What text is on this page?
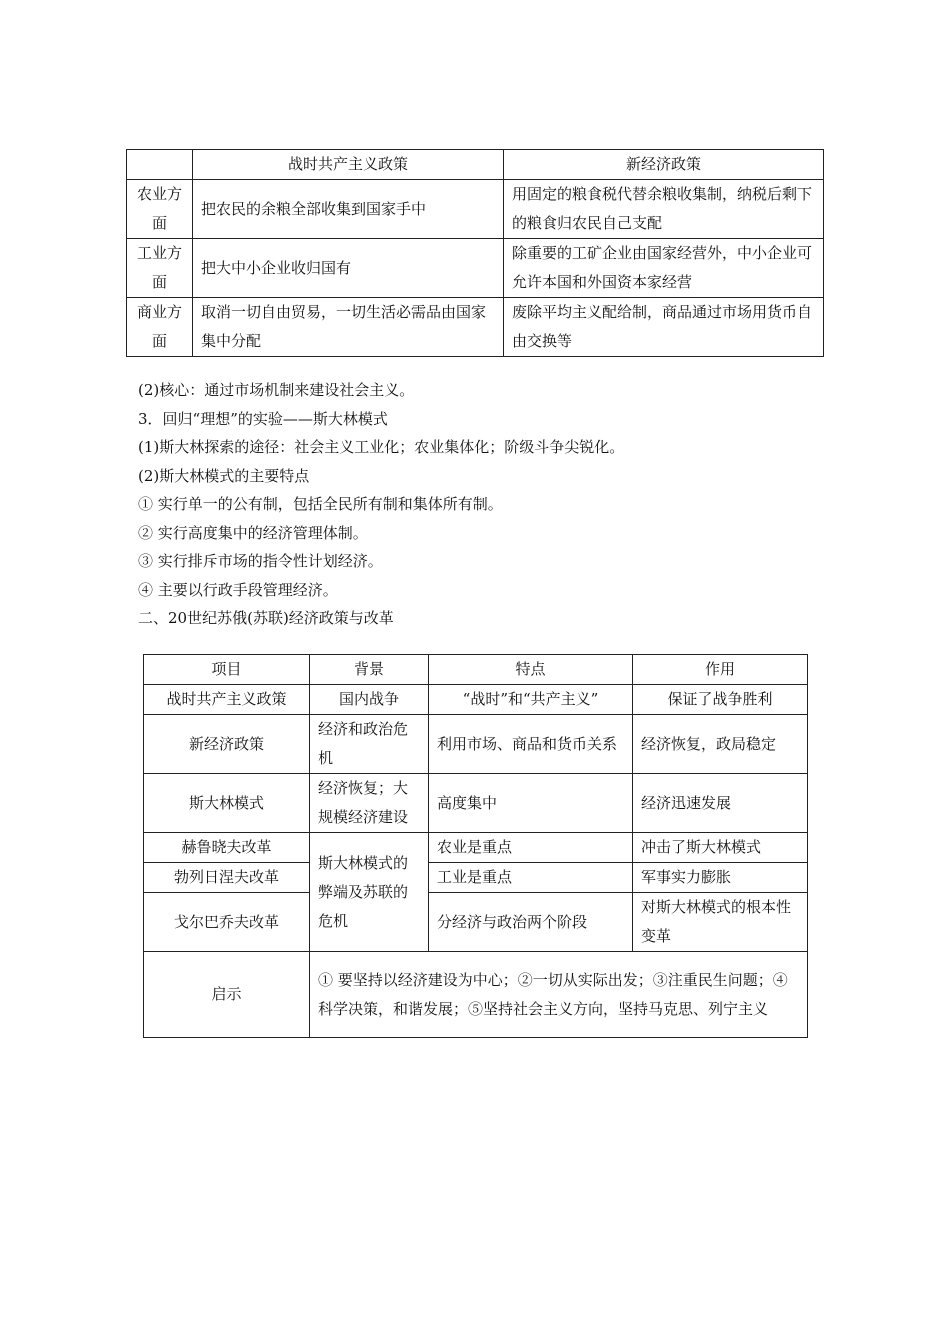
	战时共产主义政策	新经济政策
农业方面	把农民的余粮全部收集到国家手中	用固定的粮食税代替余粮收集制，纳税后剩下的粮食归农民自己支配
工业方面	把大中小企业收归国有	除重要的工矿企业由国家经营外，中小企业可允许本国和外国资本家经营
商业方面	取消一切自由贸易，一切生活必需品由国家集中分配	废除平均主义配给制，商品通过市场用货币自由交换等
(2)核心：通过市场机制来建设社会主义。
3．回归“理想”的实验——斯大林模式
(1)斯大林探索的途径：社会主义工业化；农业集体化；阶级斗争尖锐化。
(2)斯大林模式的主要特点
① 实行单一的公有制，包括全民所有制和集体所有制。
② 实行高度集中的经济管理体制。
③ 实行排斥市场的指令性计划经济。
④ 主要以行政手段管理经济。
二、20世纪苏俄(苏联)经济政策与改革
项目	背景	特点	作用
战时共产主义政策	国内战争	“战时”和“共产主义”	保证了战争胜利
新经济政策	经济和政治危机	利用市场、商品和货币关系	经济恢复，政局稳定
斯大林模式	经济恢复；大规模经济建设	高度集中	经济迅速发展
赫鲁晓夫改革	斯大林模式的弊端及苏联的危机	农业是重点	冲击了斯大林模式
勃列日涅夫改革		工业是重点	军事实力膨胀
戈尔巴乔夫改革		分经济与政治两个阶段	对斯大林模式的根本性变革
启示	① 要坚持以经济建设为中心；②一切从实际出发；③注重民生问题；④科学决策，和谐发展；⑤坚持社会主义方向，坚持马克思、列宁主义		
